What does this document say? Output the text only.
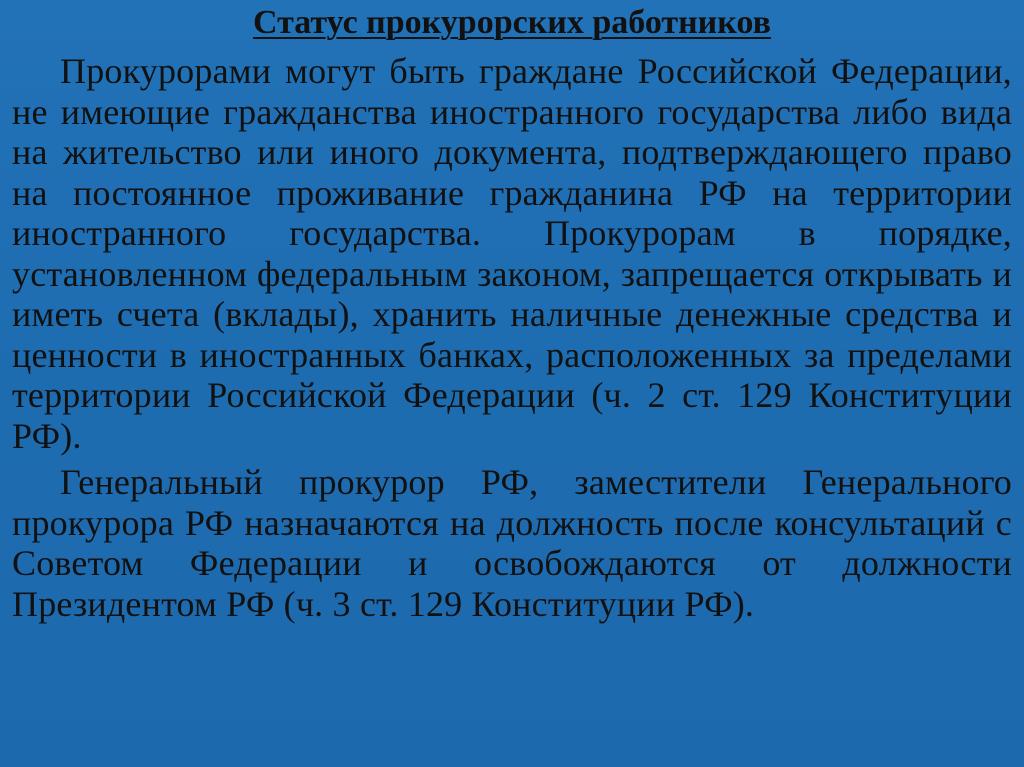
Статус прокурорских работников

Прокурорами могут быть граждане Российской Федерации, не имеющие гражданства иностранного государства либо вида на жительство или иного документа, подтверждающего право на постоянное проживание гражданина РФ на территории иностранного государства. Прокурорам в порядке, установленном федеральным законом, запрещается открывать и иметь счета (вклады), хранить наличные денежные средства и ценности в иностранных банках, расположенных за пределами территории Российской Федерации (ч. 2 ст. 129 Конституции РФ).

Генеральный прокурор РФ, заместители Генерального прокурора РФ назначаются на должность после консультаций с Советом Федерации и освобождаются от должности Президентом РФ (ч. 3 ст. 129 Конституции РФ).
